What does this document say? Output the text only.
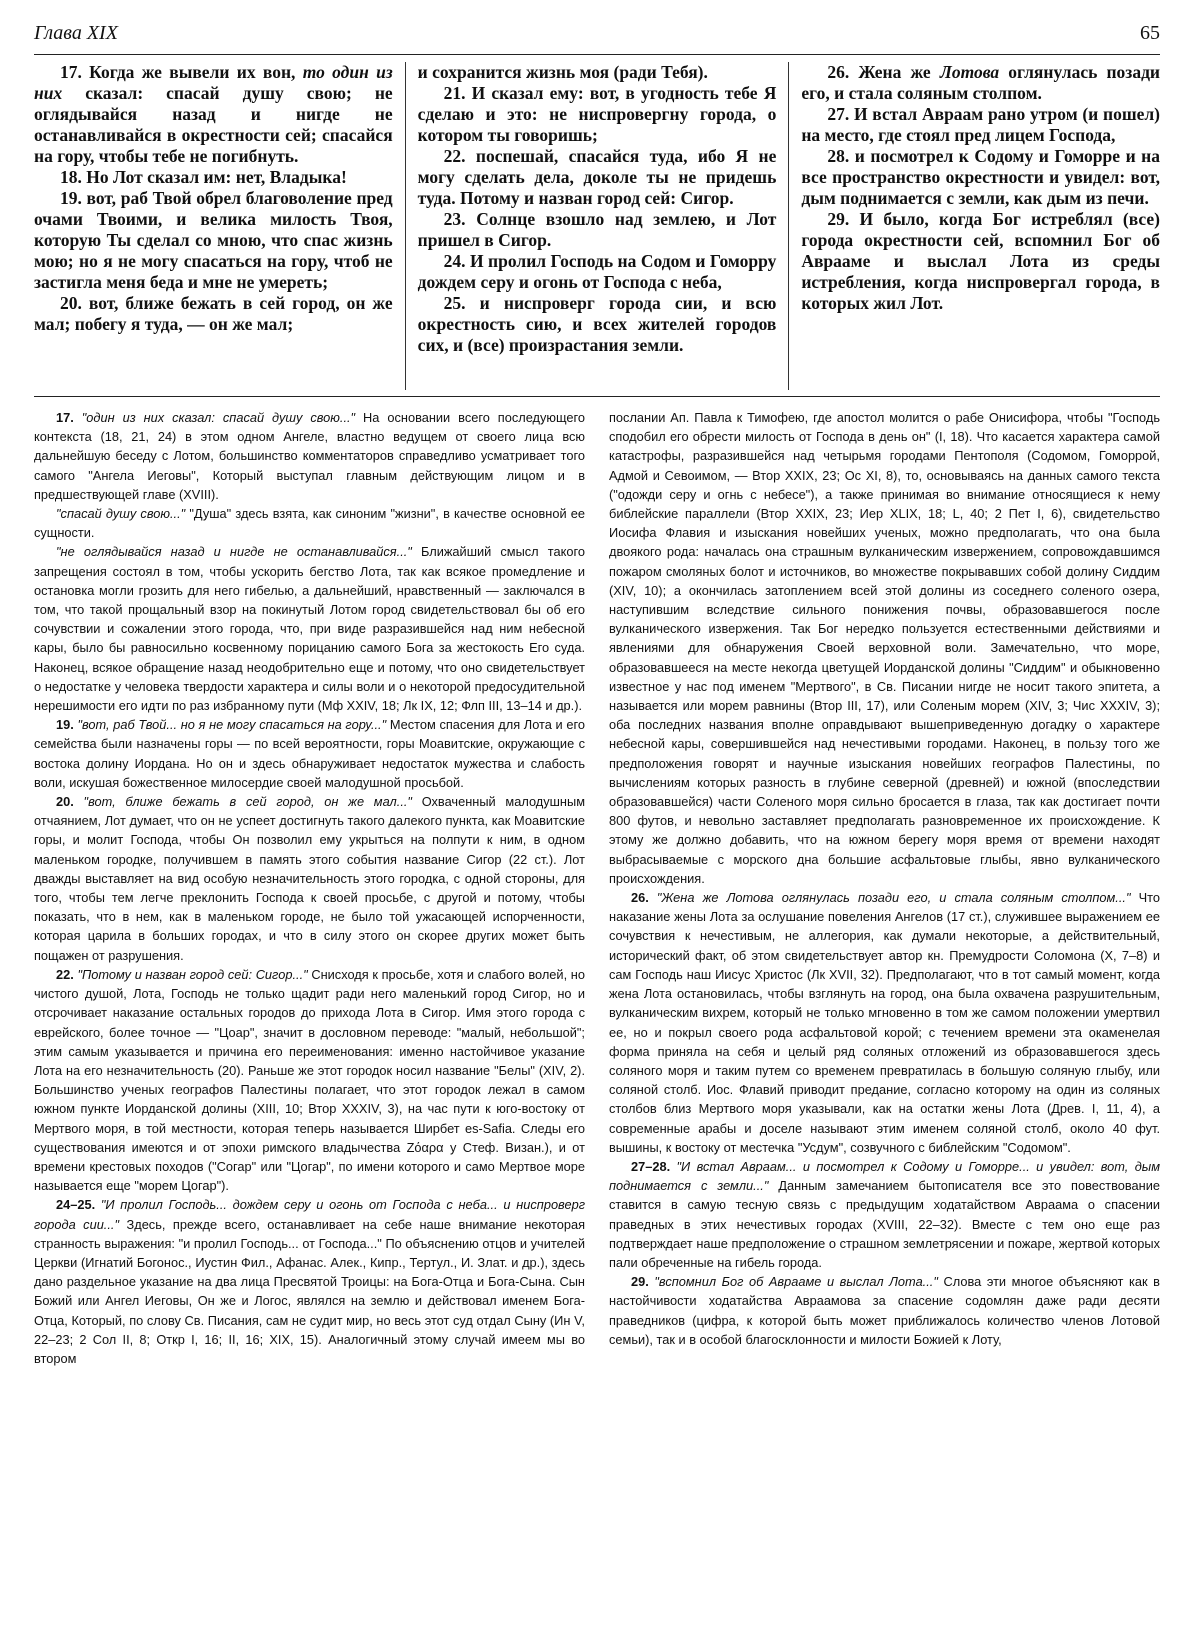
Глава XIX	65

17. Когда же вывели их вон, то один из них сказал: спасай душу свою; не оглядывайся назад и нигде не останавливайся в окрестности сей; спасайся на гору, чтобы тебе не погибнуть.

18. Но Лот сказал им: нет, Владыка!

19. вот, раб Твой обрел благоволение пред очами Твоими, и велика милость Твоя, которую Ты сделал со мною, что спас жизнь мою; но я не могу спасаться на гору, чтоб не застигла меня беда и мне не умереть;

20. вот, ближе бежать в сей город, он же мал; побегу я туда, — он же мал;

и сохранится жизнь моя (ради Тебя).

21. И сказал ему: вот, в угодность тебе Я сделаю и это: не ниспровергну города, о котором ты говоришь;

22. поспешай, спасайся туда, ибо Я не могу сделать дела, доколе ты не придешь туда. Потому и назван город сей: Сигор.

23. Солнце взошло над землею, и Лот пришел в Сигор.

24. И пролил Господь на Содом и Гоморру дождем серу и огонь от Господа с неба,

25. и ниспроверг города сии, и всю окрестность сию, и всех жителей городов сих, и (все) произрастания земли.

26. Жена же Лотова оглянулась позади его, и стала соляным столпом.

27. И встал Авраам рано утром (и пошел) на место, где стоял пред лицем Господа,

28. и посмотрел к Содому и Гоморре и на все пространство окрестности и увидел: вот, дым поднимается с земли, как дым из печи.

29. И было, когда Бог истреблял (все) города окрестности сей, вспомнил Бог об Аврааме и выслал Лота из среды истребления, когда ниспровергал города, в которых жил Лот.

17. "один из них сказал: спасай душу свою..." На основании всего последующего контекста (18, 21, 24) в этом одном Ангеле, властно ведущем от своего лица всю дальнейшую беседу с Лотом, большинство комментаторов справедливо усматривает того самого "Ангела Иеговы", Который выступал главным действующим лицом и в предшествующей главе (XVIII).

"спасай душу свою..." "Душа" здесь взята, как синоним "жизни", в качестве основной ее сущности.

"не оглядывайся назад и нигде не останавливайся..." Ближайший смысл такого запрещения состоял в том, чтобы ускорить бегство Лота, так как всякое промедление и остановка могли грозить для него гибелью, а дальнейший, нравственный — заключался в том, что такой прощальный взор на покинутый Лотом город свидетельствовал бы об его сочувствии и сожалении этого города, что, при виде разразившейся над ним небесной кары, было бы равносильно косвенному порицанию самого Бога за жестокость Его суда. Наконец, всякое обращение назад неодобрительно еще и потому, что оно свидетельствует о недостатке у человека твердости характера и силы воли и о некоторой предосудительной нерешимости его идти по раз избранному пути (Мф XXIV, 18; Лк IX, 12; Флп III, 13–14 и др.).

19. "вот, раб Твой... но я не могу спасаться на гору..." Местом спасения для Лота и его семейства были назначены горы — по всей вероятности, горы Моавитские, окружающие с востока долину Иордана. Но он и здесь обнаруживает недостаток мужества и слабость воли, искушая божественное милосердие своей малодушной просьбой.

20. "вот, ближе бежать в сей город, он же мал..." Охваченный малодушным отчаянием, Лот думает, что он не успеет достигнуть такого далекого пункта, как Моавитские горы, и молит Господа, чтобы Он позволил ему укрыться на полпути к ним, в одном маленьком городке, получившем в память этого события название Сигор (22 ст.). Лот дважды выставляет на вид особую незначительность этого городка, с одной стороны, для того, чтобы тем легче преклонить Господа к своей просьбе, с другой и потому, чтобы показать, что в нем, как в маленьком городе, не было той ужасающей испорченности, которая царила в больших городах, и что в силу этого он скорее других может быть пощажен от разрушения.

22. "Потому и назван город сей: Сигор..." Снисходя к просьбе, хотя и слабого волей, но чистого душой, Лота, Господь не только щадит ради него маленький город Сигор, но и отсрочивает наказание остальных городов до прихода Лота в Сигор. Имя этого города с еврейского, более точное — "Цоар", значит в дословном переводе: "малый, небольшой"; этим самым указывается и причина его переименования: именно настойчивое указание Лота на его незначительность (20). Раньше же этот городок носил название "Белы" (XIV, 2). Большинство ученых географов Палестины полагает, что этот городок лежал в самом южном пункте Иорданской долины (XIII, 10; Втор XXXIV, 3), на час пути к юго-востоку от Мертвого моря, в той местности, которая теперь называется Ширбет es-Safia. Следы его существования имеются и от эпохи римского владычества Ζόαρα у Стеф. Визан.), и от времени крестовых походов ("Согар" или "Цогар", по имени которого и само Мертвое море называется еще "морем Цогар").

24–25. "И пролил Господь... дождем серу и огонь от Господа с неба... и ниспроверг города сии..." Здесь, прежде всего, останавливает на себе наше внимание некоторая странность выражения: "и пролил Господь... от Господа..." По объяснению отцов и учителей Церкви (Игнатий Богонос., Иустин Фил., Афанас. Алек., Кипр., Тертул., И. Злат. и др.), здесь дано раздельное указание на два лица Пресвятой Троицы: на Бога-Отца и Бога-Сына. Сын Божий или Ангел Иеговы, Он же и Логос, являлся на землю и действовал именем Бога-Отца, Который, по слову Св. Писания, сам не судит мир, но весь этот суд отдал Сыну (Ин V, 22–23; 2 Сол II, 8; Откр I, 16; II, 16; XIX, 15). Аналогичный этому случай имеем мы во втором

послании Ап. Павла к Тимофею, где апостол молится о рабе Онисифора, чтобы "Господь сподобил его обрести милость от Господа в день он" (I, 18). Что касается характера самой катастрофы, разразившейся над четырьмя городами Пентополя (Содомом, Гоморрой, Адмой и Севоимом, — Втор XXIX, 23; Ос XI, 8), то, основываясь на данных самого текста ("одожди серу и огнь с небесе"), а также принимая во внимание относящиеся к нему библейские параллели (Втор XXIX, 23; Иер XLIX, 18; L, 40; 2 Пет I, 6), свидетельство Иосифа Флавия и изыскания новейших ученых, можно предполагать, что она была двоякого рода: началась она страшным вулканическим извержением, сопровождавшимся пожаром смоляных болот и источников, во множестве покрывавших собой долину Сиддим (XIV, 10); а окончилась затоплением всей этой долины из соседнего соленого озера, наступившим вследствие сильного понижения почвы, образовавшегося после вулканического извержения. Так Бог нередко пользуется естественными действиями и явлениями для обнаружения Своей верховной воли. Замечательно, что море, образовавшееся на месте некогда цветущей Иорданской долины "Сиддим" и обыкновенно известное у нас под именем "Мертвого", в Св. Писании нигде не носит такого эпитета, а называется или морем равнины (Втор III, 17), или Соленым морем (XIV, 3; Чис XXXIV, 3); оба последних названия вполне оправдывают вышеприведенную догадку о характере небесной кары, совершившейся над нечестивыми городами. Наконец, в пользу того же предположения говорят и научные изыскания новейших географов Палестины, по вычислениям которых разность в глубине северной (древней) и южной (впоследствии образовавшейся) части Соленого моря сильно бросается в глаза, так как достигает почти 800 футов, и невольно заставляет предполагать разновременное их происхождение. К этому же должно добавить, что на южном берегу моря время от времени находят выбрасываемые с морского дна большие асфальтовые глыбы, явно вулканического происхождения.

26. "Жена же Лотова оглянулась позади его, и стала соляным столпом..." Что наказание жены Лота за ослушание повеления Ангелов (17 ст.), служившее выражением ее сочувствия к нечестивым, не аллегория, как думали некоторые, а действительный, исторический факт, об этом свидетельствует автор кн. Премудрости Соломона (X, 7–8) и сам Господь наш Иисус Христос (Лк XVII, 32). Предполагают, что в тот самый момент, когда жена Лота остановилась, чтобы взглянуть на город, она была охвачена разрушительным, вулканическим вихрем, который не только мгновенно в том же самом положении умертвил ее, но и покрыл своего рода асфальтовой корой; с течением времени эта окаменелая форма приняла на себя и целый ряд соляных отложений из образовавшегося здесь соляного моря и таким путем со временем превратилась в большую соляную глыбу, или соляной столб. Иос. Флавий приводит предание, согласно которому на один из соляных столбов близ Мертвого моря указывали, как на остатки жены Лота (Древ. I, 11, 4), а современные арабы и доселе называют этим именем соляной столб, около 40 фут. вышины, к востоку от местечка "Усдум", созвучного с библейским "Содомом".

27–28. "И встал Авраам... и посмотрел к Содому и Гоморре... и увидел: вот, дым поднимается с земли..." Данным замечанием бытописателя все это повествование ставится в самую тесную связь с предыдущим ходатайством Авраама о спасении праведных в этих нечестивых городах (XVIII, 22–32). Вместе с тем оно еще раз подтверждает наше предположение о страшном землетрясении и пожаре, жертвой которых пали обреченные на гибель города.

29. "вспомнил Бог об Аврааме и выслал Лота..." Слова эти многое объясняют как в настойчивости ходатайства Авраамова за спасение содомлян даже ради десяти праведников (цифра, к которой быть может приближалось количество членов Лотовой семьи), так и в особой благосклонности и милости Божией к Лоту,
